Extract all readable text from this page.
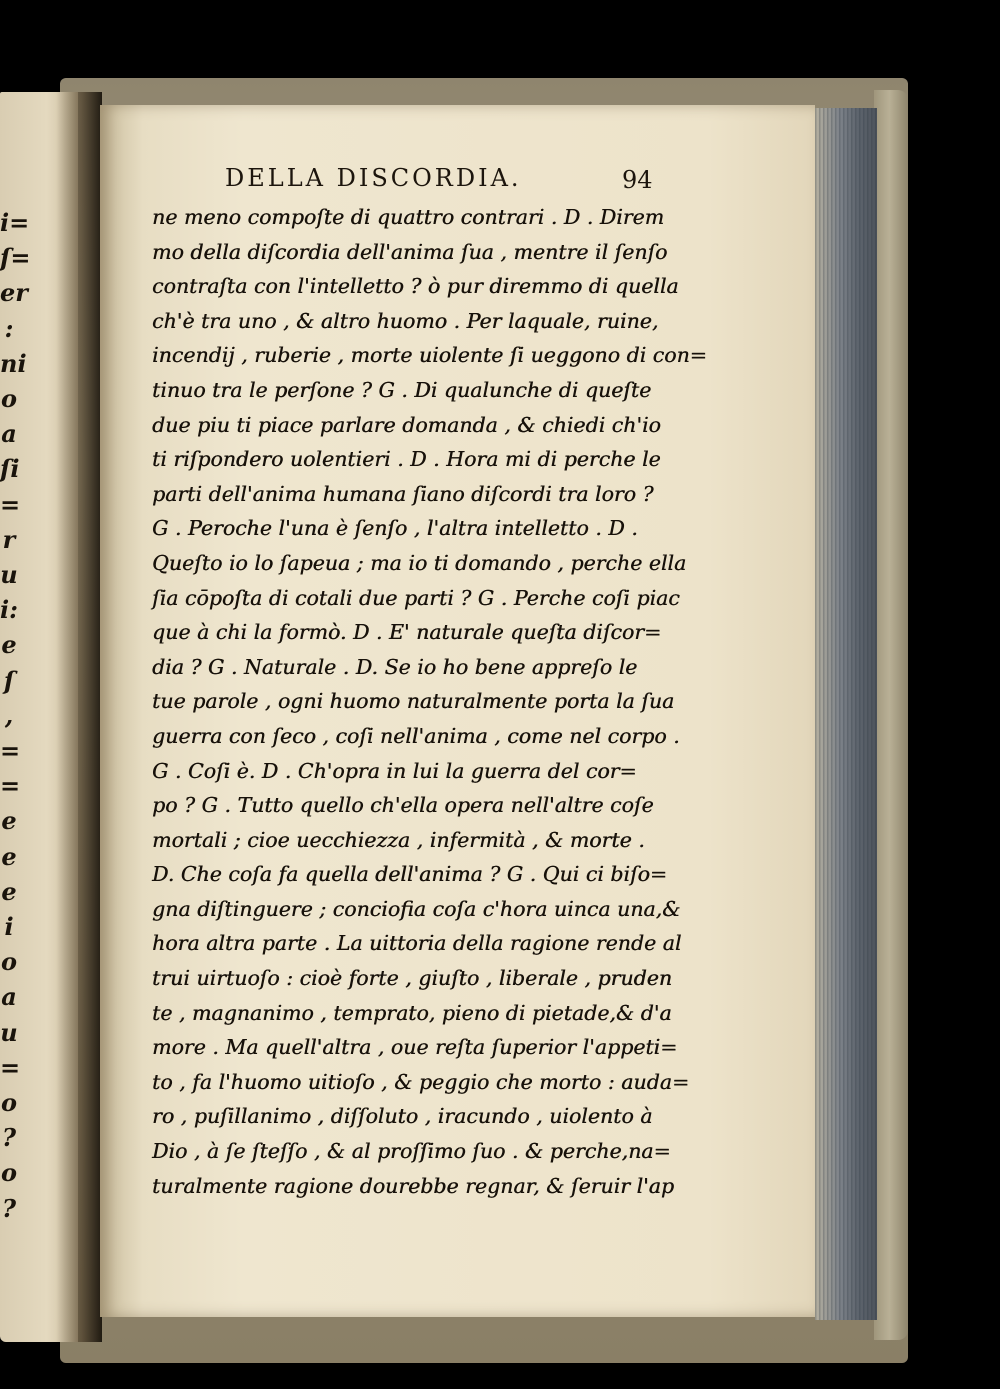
i=
ſ=
er
:
ni
o
a
ſi
=
r
u
i:
e
ſ
,
=
=
e
e
e
i
o
a
u
=
o
?
o
?
DELLA DISCORDIA.	94
ne meno compoſte di quattro contrari . D . Direm
mo della diſcordia dell'anima ſua , mentre il ſenſo
contraſta con l'intelletto ? ò pur diremmo di quella
ch'è tra uno , & altro huomo . Per laquale, ruine,
incendij , ruberie , morte uiolente ſi ueggono di con=
tinuo tra le perſone ? G . Di qualunche di queſte
due piu ti piace parlare domanda , & chiedi ch'io
ti riſpondero uolentieri . D . Hora mi di perche le
parti dell'anima humana ſiano diſcordi tra loro ?
G . Peroche l'una è ſenſo , l'altra intelletto . D .
Queſto io lo ſapeua ; ma io ti domando , perche ella
ſia cōpoſta di cotali due parti ? G . Perche coſi piac
que à chi la formò. D . E' naturale queſta diſcor=
dia ? G . Naturale . D. Se io ho bene appreſo le
tue parole , ogni huomo naturalmente porta la ſua
guerra con ſeco , coſi nell'anima , come nel corpo .
G . Coſi è. D . Ch'opra in lui la guerra del cor=
po ? G . Tutto quello ch'ella opera nell'altre coſe
mortali ; cioe uecchiezza , infermità , & morte .
D. Che coſa fa quella dell'anima ? G . Qui ci biſo=
gna diſtinguere ; conciofia coſa c'hora uinca una,&
hora altra parte . La uittoria della ragione rende al
trui uirtuoſo : cioè forte , giuſto , liberale , pruden
te , magnanimo , temprato, pieno di pietade,& d'a
more . Ma quell'altra , oue reſta ſuperior l'appeti=
to , fa l'huomo uitioſo , & peggio che morto : auda=
ro , puſillanimo , diſſoluto , iracundo , uiolento à
Dio , à ſe ſteſſo , & al proſſimo ſuo . & perche,na=
turalmente ragione dourebbe regnar, & ſeruir l'ap
